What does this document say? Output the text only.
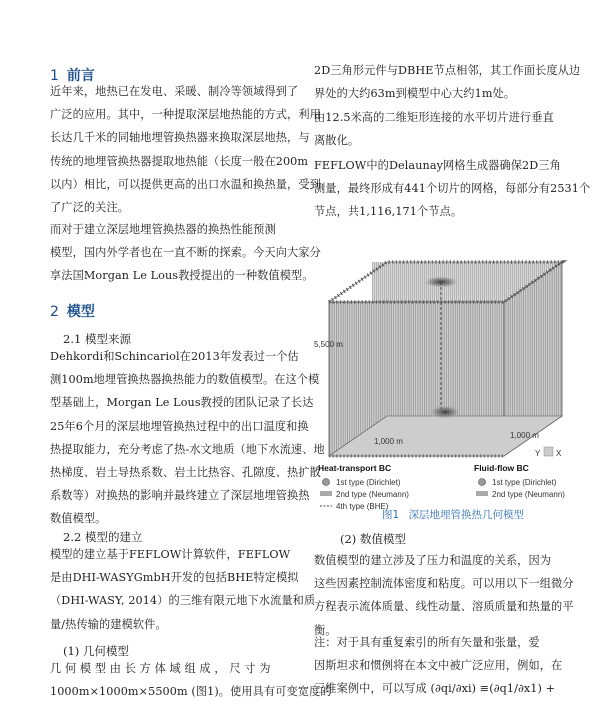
1 前言
近年来，地热已在发电、采暖、制冷等领域得到了
广泛的应用。其中，一种提取深层地热能的方式，利用
长达几千米的同轴地埋管换热器来换取深层地热，与
传统的地埋管换热器提取地热能（长度一般在200m
以内）相比，可以提供更高的出口水温和换热量，受到
了广泛的关注。
而对于建立深层地埋管换热器的换热性能预测
模型，国内外学者也在一直不断的探索。今天向大家分
享法国Morgan Le Lous教授提出的一种数值模型。
2 模型
2.1 模型来源
Dehkordi和Schincariol在2013年发表过一个估
测100m地埋管换热器换热能力的数值模型。在这个模
型基础上，Morgan Le Lous教授的团队记录了长达
25年6个月的深层地埋管换热过程中的出口温度和换
热提取能力，充分考虑了热-水文地质（地下水流速、地
热梯度、岩土导热系数、岩土比热容、孔隙度、热扩散
系数等）对换热的影响并最终建立了深层地埋管换热
数值模型。
2.2 模型的建立
模型的建立基于FEFLOW计算软件，FEFLOW
是由DHI-WASYGmbH开发的包括BHE特定模拟
（DHI-WASY, 2014）的三维有限元地下水流量和质
量/热传输的建模软件。
(1) 几何模型
几 何 模 型 由 长 方 体 域 组 成 ， 尺 寸 为
1000m×1000m×5500m (图1)。使用具有可变宽度的
2D三角形元件与DBHE节点相邻，其工作面长度从边
界处的大约63m到模型中心大约1m处。
由12.5米高的二维矩形连接的水平切片进行垂直
离散化。
FEFLOW中的Delaunay网格生成器确保2D三角
测量，最终形成有441个切片的网格，每部分有2531个
节点，共1,116,171个节点。
5,500 m
1,000 m
1,000 m
Y X
Heat-transport BC
1st type (Dirichlet)
2nd type (Neumann)
4th type (BHE)
Fluid-flow BC
1st type (Dirichlet)
2nd type (Neumann)
图1 深层地埋管换热几何模型
(2) 数值模型
数值模型的建立涉及了压力和温度的关系，因为
这些因素控制流体密度和粘度。可以用以下一组微分
方程表示流体质量、线性动量、溶质质量和热量的平
衡。
注：对于具有重复索引的所有矢量和张量，爱
因斯坦求和惯例将在本文中被广泛应用，例如，在
三维案例中，可以写成 (∂qi/∂xi) ≡(∂q1/∂x1) +
